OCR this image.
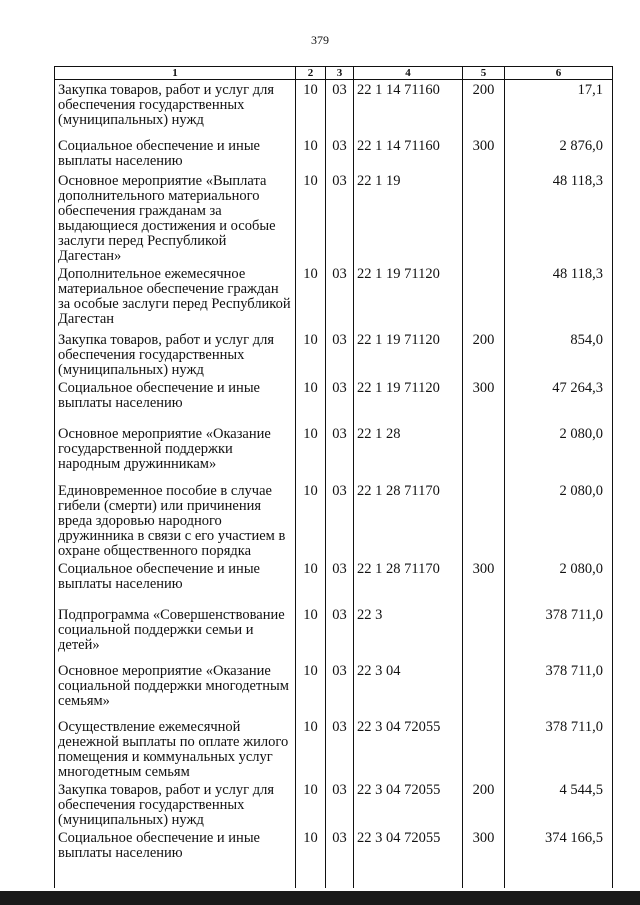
379
1	2	3	4	5	6
Закупка товаров, работ и услуг для обеспечения государственных (муниципальных) нужд	10	03	22 1 14 71160	200	17,1
Социальное обеспечение и иные выплаты населению	10	03	22 1 14 71160	300	2 876,0
Основное мероприятие «Выплата дополнительного материального обеспечения гражданам за выдающиеся достижения и особые заслуги перед Республикой Дагестан»	10	03	22 1 19		48 118,3
Дополнительное ежемесячное материальное обеспечение граждан за особые заслуги перед Республикой Дагестан	10	03	22 1 19 71120		48 118,3
Закупка товаров, работ и услуг для обеспечения государственных (муниципальных) нужд	10	03	22 1 19 71120	200	854,0
Социальное обеспечение и иные выплаты населению	10	03	22 1 19 71120	300	47 264,3
Основное мероприятие «Оказание государственной поддержки народным дружинникам»	10	03	22 1 28		2 080,0
Единовременное пособие в случае гибели (смерти) или причинения вреда здоровью народного дружинника в связи с его участием в охране общественного порядка	10	03	22 1 28 71170		2 080,0
Социальное обеспечение и иные выплаты населению	10	03	22 1 28 71170	300	2 080,0
Подпрограмма «Совершенствование социальной поддержки семьи и детей»	10	03	22 3		378 711,0
Основное мероприятие «Оказание социальной поддержки многодетным семьям»	10	03	22 3 04		378 711,0
Осуществление ежемесячной денежной выплаты по оплате жилого помещения и коммунальных услуг многодетным семьям	10	03	22 3 04 72055		378 711,0
Закупка товаров, работ и услуг для обеспечения государственных (муниципальных) нужд	10	03	22 3 04 72055	200	4 544,5
Социальное обеспечение и иные выплаты населению	10	03	22 3 04 72055	300	374 166,5
